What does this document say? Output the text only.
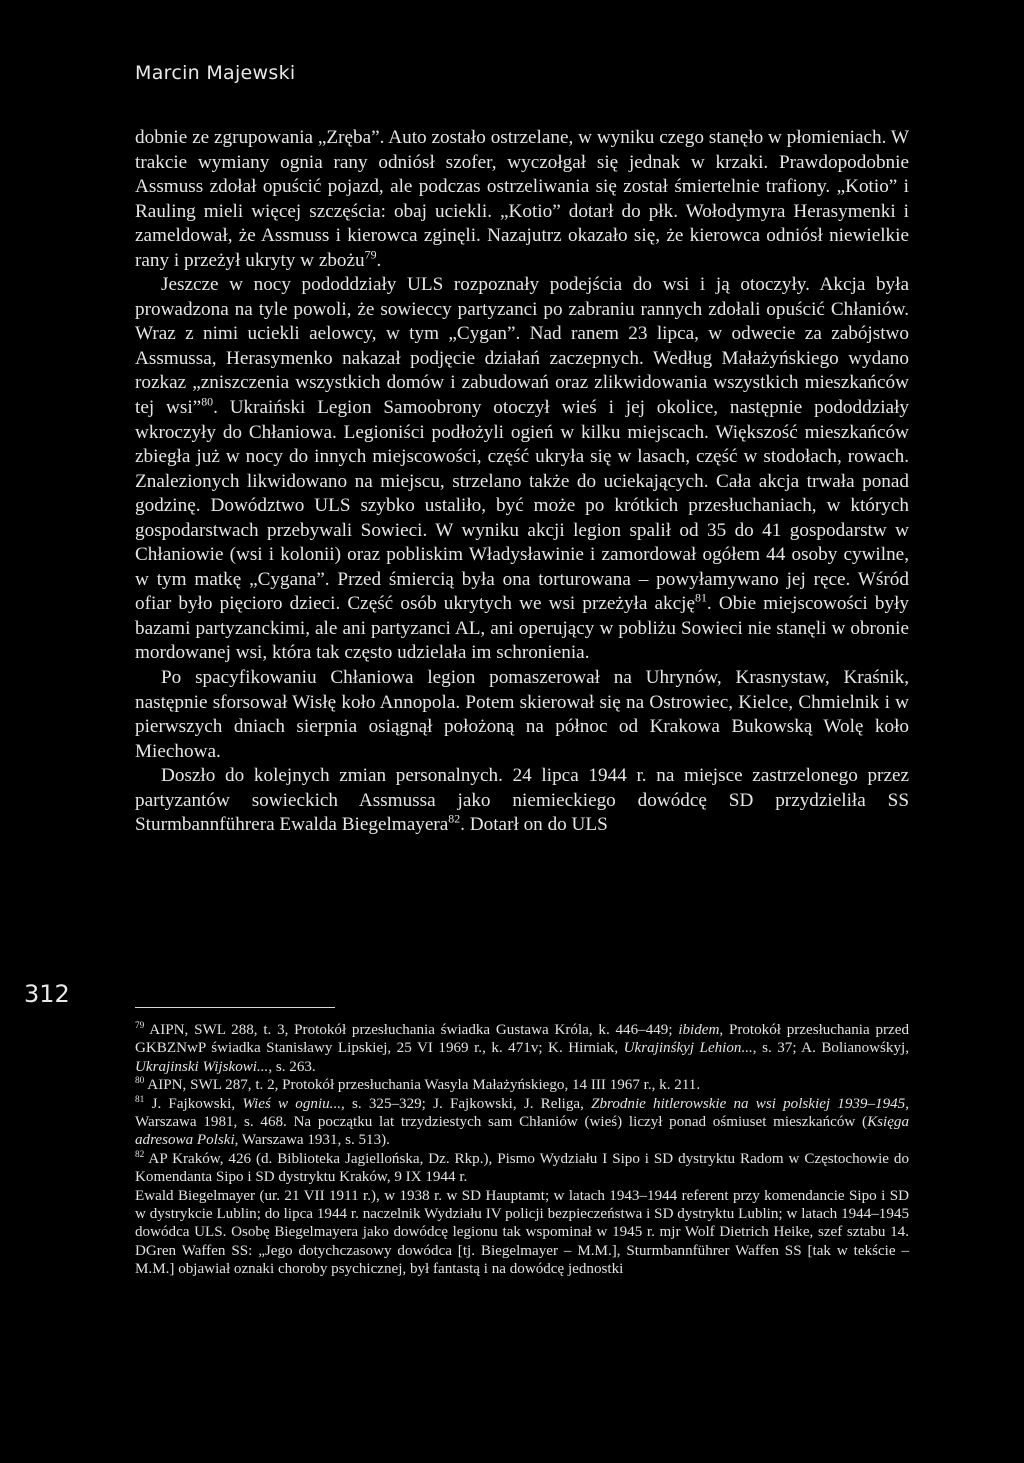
Marcin Majewski
312

dobnie ze zgrupowania „Zręba”. Auto zostało ostrzelane, w wyniku czego stanęło w płomieniach. W trakcie wymiany ognia rany odniósł szofer, wyczołgał się jednak w krzaki. Prawdopodobnie Assmuss zdołał opuścić pojazd, ale podczas ostrzeliwania się został śmiertelnie trafiony. „Kotio” i Rauling mieli więcej szczęścia: obaj uciekli. „Kotio” dotarł do płk. Wołodymyra Herasymenki i zameldował, że Assmuss i kierowca zginęli. Nazajutrz okazało się, że kierowca odniósł niewielkie rany i przeżył ukryty w zbożu$^{79}$.

Jeszcze w nocy pododdziały ULS rozpoznały podejścia do wsi i ją otoczyły. Akcja była prowadzona na tyle powoli, że sowieccy partyzanci po zabraniu rannych zdołali opuścić Chłaniów. Wraz z nimi uciekli aelowcy, w tym „Cygan”. Nad ranem 23 lipca, w odwecie za zabójstwo Assmussa, Herasymenko nakazał podjęcie działań zaczepnych. Według Małażyńskiego wydano rozkaz „zniszczenia wszystkich domów i zabudowań oraz zlikwidowania wszystkich mieszkańców tej wsi”$^{80}$. Ukraiński Legion Samoobrony otoczył wieś i jej okolice, następnie pododdziały wkroczyły do Chłaniowa. Legioniści podłożyli ogień w kilku miejscach. Większość mieszkańców zbiegła już w nocy do innych miejscowości, część ukryła się w lasach, część w stodołach, rowach. Znalezionych likwidowano na miejscu, strzelano także do uciekających. Cała akcja trwała ponad godzinę. Dowództwo ULS szybko ustaliło, być może po krótkich przesłuchaniach, w których gospodarstwach przebywali Sowieci. W wyniku akcji legion spalił od 35 do 41 gospodarstw w Chłaniowie (wsi i kolonii) oraz pobliskim Władysławinie i zamordował ogółem 44 osoby cywilne, w tym matkę „Cygana”. Przed śmiercią była ona torturowana – powyłamywano jej ręce. Wśród ofiar było pięcioro dzieci. Część osób ukrytych we wsi przeżyła akcję$^{81}$. Obie miejscowości były bazami partyzanckimi, ale ani partyzanci AL, ani operujący w pobliżu Sowieci nie stanęli w obronie mordowanej wsi, która tak często udzielała im schronienia.

Po spacyfikowaniu Chłaniowa legion pomaszerował na Uhrynów, Krasnystaw, Kraśnik, następnie sforsował Wisłę koło Annopola. Potem skierował się na Ostrowiec, Kielce, Chmielnik i w pierwszych dniach sierpnia osiągnął położoną na północ od Krakowa Bukowską Wolę koło Miechowa.

Doszło do kolejnych zmian personalnych. 24 lipca 1944 r. na miejsce zastrzelonego przez partyzantów sowieckich Assmussa jako niemieckiego dowódcę SD przydzieliła SS Sturmbannführera Ewalda Biegelmayera$^{82}$. Dotarł on do ULS

$^{79}$ AIPN, SWL 288, t. 3, Protokół przesłuchania świadka Gustawa Króla, k. 446–449; ibidem, Protokół przesłuchania przed GKBZNwP świadka Stanisławy Lipskiej, 25 VI 1969 r., k. 471v; K. Hirniak, Ukrajinśkyj Lehion..., s. 37; A. Bolianowśkyj, Ukrajinski Wijskowi..., s. 263.

$^{80}$ AIPN, SWL 287, t. 2, Protokół przesłuchania Wasyla Małażyńskiego, 14 III 1967 r., k. 211.

$^{81}$ J. Fajkowski, Wieś w ogniu..., s. 325–329; J. Fajkowski, J. Religa, Zbrodnie hitlerowskie na wsi polskiej 1939–1945, Warszawa 1981, s. 468. Na początku lat trzydziestych sam Chłaniów (wieś) liczył ponad ośmiuset mieszkańców (Księga adresowa Polski, Warszawa 1931, s. 513).

$^{82}$ AP Kraków, 426 (d. Biblioteka Jagiellońska, Dz. Rkp.), Pismo Wydziału I Sipo i SD dystryktu Radom w Częstochowie do Komendanta Sipo i SD dystryktu Kraków, 9 IX 1944 r.

Ewald Biegelmayer (ur. 21 VII 1911 r.), w 1938 r. w SD Hauptamt; w latach 1943–1944 referent przy komendancie Sipo i SD w dystrykcie Lublin; do lipca 1944 r. naczelnik Wydziału IV policji bezpieczeństwa i SD dystryktu Lublin; w latach 1944–1945 dowódca ULS. Osobę Biegelmayera jako dowódcę legionu tak wspominał w 1945 r. mjr Wolf Dietrich Heike, szef sztabu 14. DGren Waffen SS: „Jego dotychczasowy dowódca [tj. Biegelmayer – M.M.], Sturmbannführer Waffen SS [tak w tekście – M.M.] objawiał oznaki choroby psychicznej, był fantastą i na dowódcę jednostki
